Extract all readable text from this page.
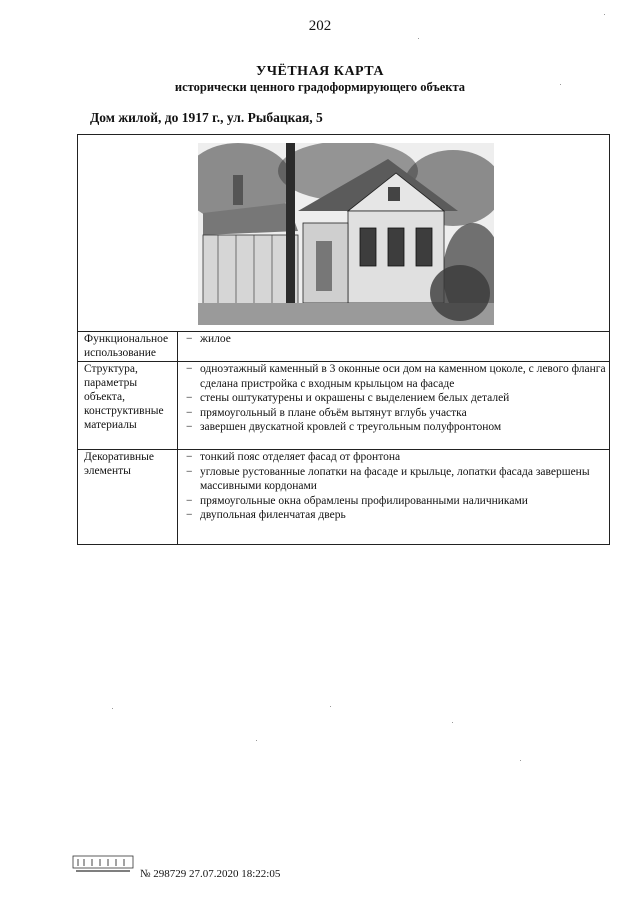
202
УЧЁТНАЯ КАРТА
исторически ценного градоформирующего объекта
Дом жилой, до 1917 г., ул. Рыбацкая, 5
Функциональное использование
− жилое
Структура, параметры объекта, конструктивные материалы
− одноэтажный каменный в 3 оконные оси дом на каменном цоколе, с левого фланга сделана пристройка с входным крыльцом на фасаде
− стены оштукатурены и окрашены с выделением белых деталей
− прямоугольный в плане объём вытянут вглубь участка
− завершен двускатной кровлей с треугольным полуфронтоном
Декоративные элементы
− тонкий пояс отделяет фасад от фронтона
− угловые рустованные лопатки на фасаде и крыльце, лопатки фасада завершены массивными кордонами
− прямоугольные окна обрамлены профилированными наличниками
− двупольная филенчатая дверь
№ 298729 27.07.2020 18:22:05
